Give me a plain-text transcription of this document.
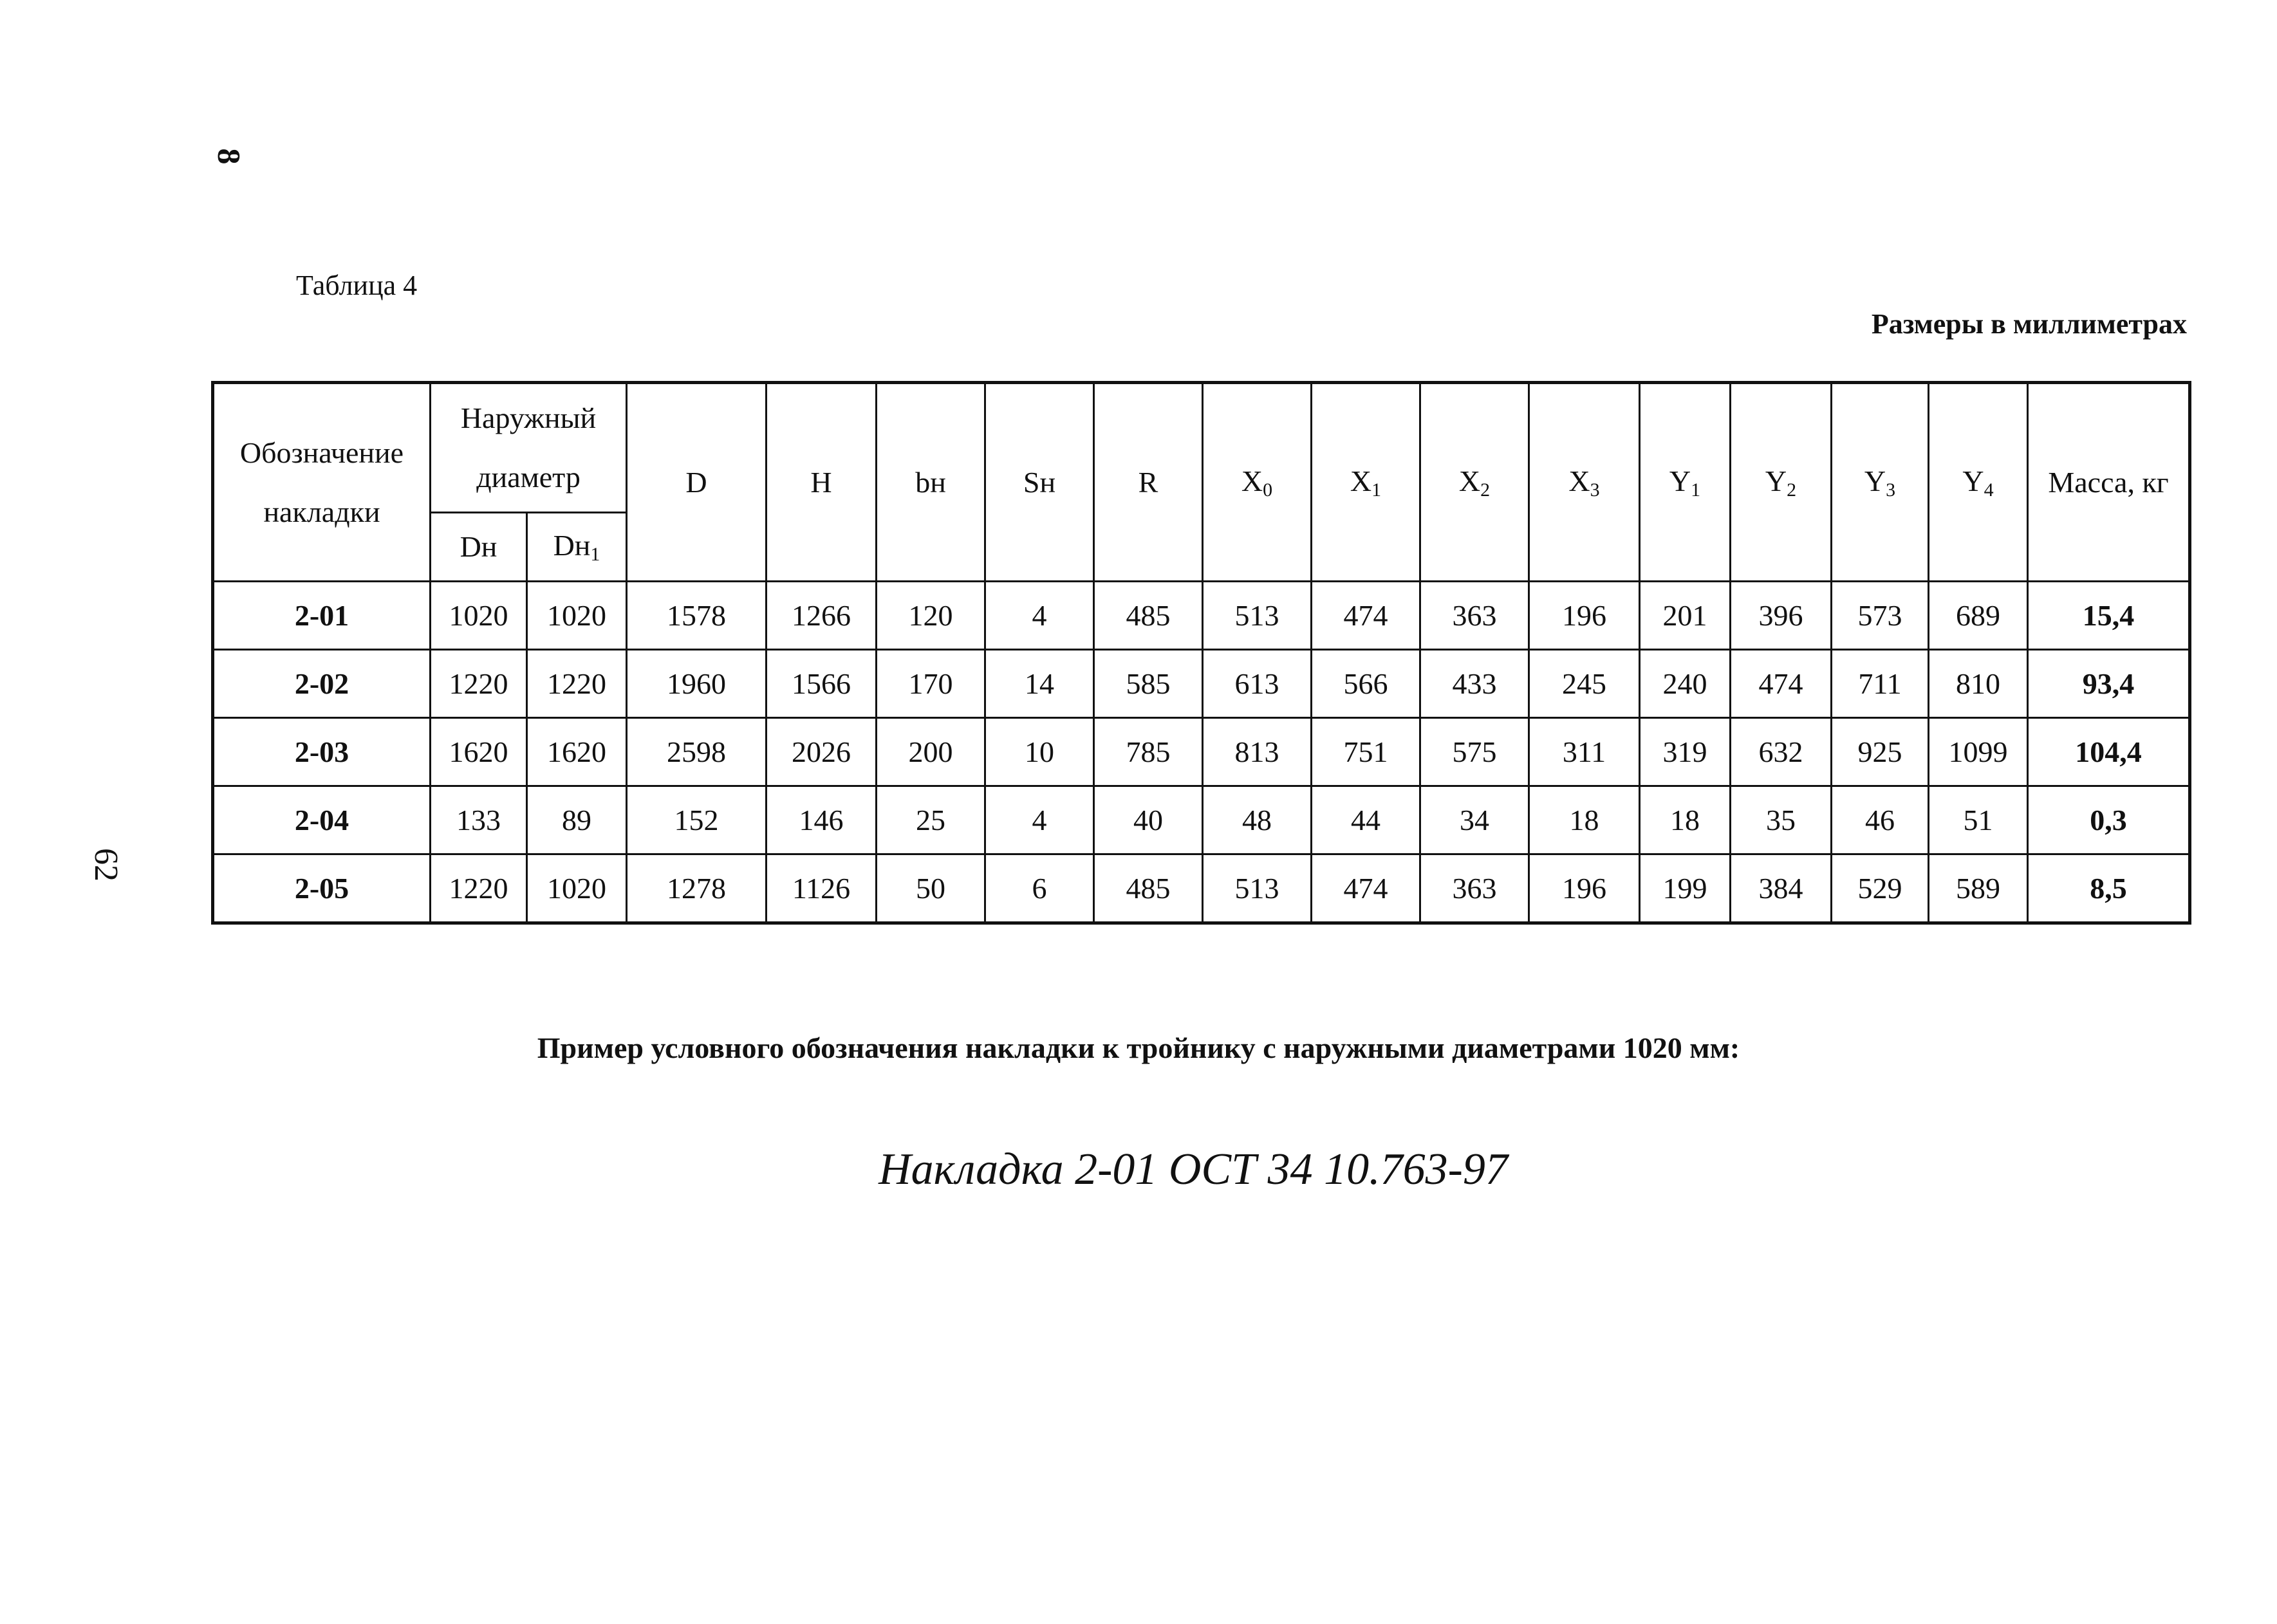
8
62
Таблица 4
Размеры в миллиметрах
Обозначение накладки	Наружный диаметр		D	H	bн	Sн	R	$X_0$	$X_1$	$X_2$	$X_3$	$Y_1$	$Y_2$	$Y_3$	$Y_4$	Масса, кг
	Dн	$Dн_1$
2-01	1020	1020	1578	1266	120	4	485	513	474	363	196	201	396	573	689	15,4
2-02	1220	1220	1960	1566	170	14	585	613	566	433	245	240	474	711	810	93,4
2-03	1620	1620	2598	2026	200	10	785	813	751	575	311	319	632	925	1099	104,4
2-04	133	89	152	146	25	4	40	48	44	34	18	18	35	46	51	0,3
2-05	1220	1020	1278	1126	50	6	485	513	474	363	196	199	384	529	589	8,5
Пример условного обозначения накладки к тройнику с наружными диаметрами 1020 мм:
Накладка 2-01 ОСТ 34 10.763-97
